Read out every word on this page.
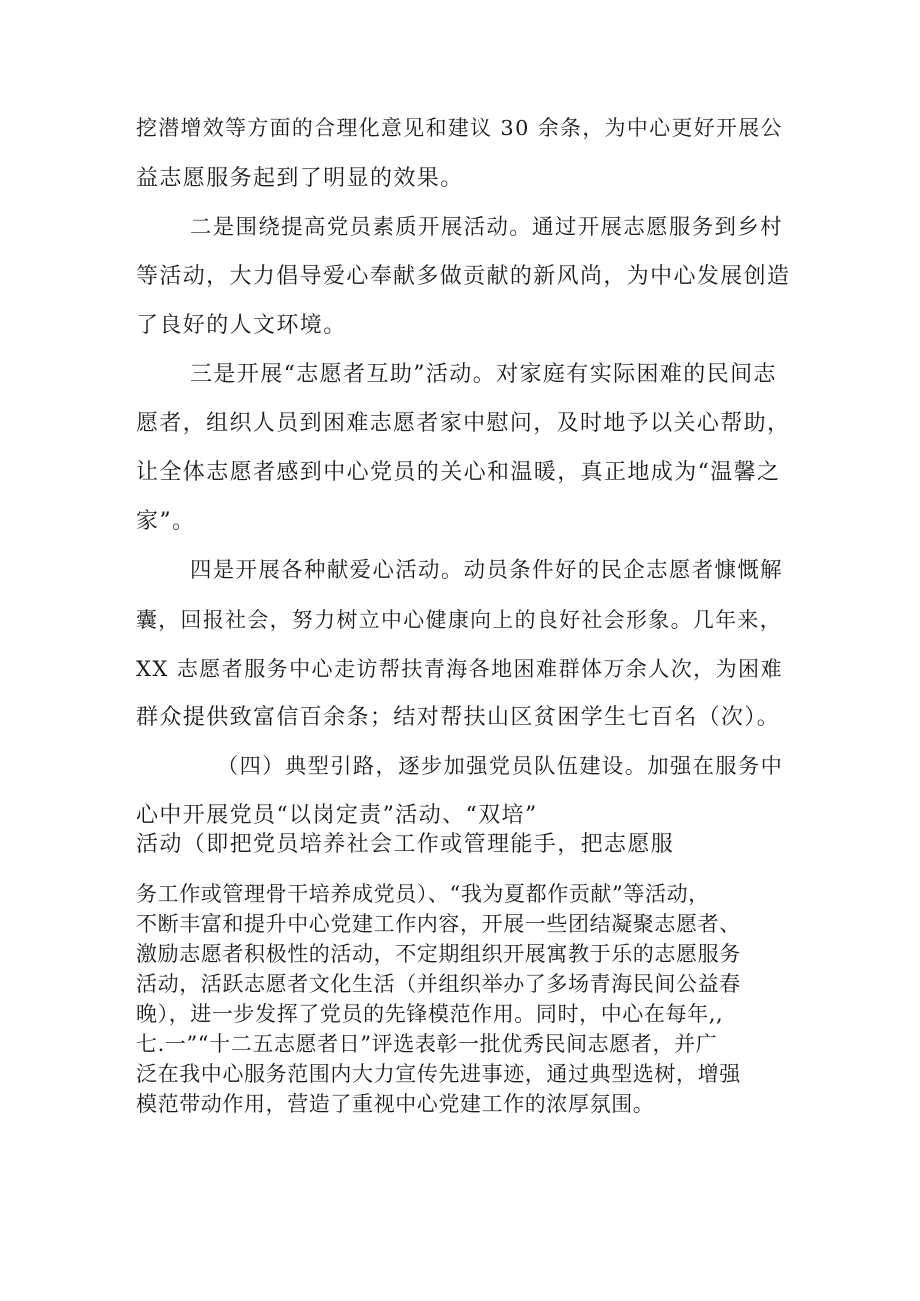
挖潜增效等方面的合理化意见和建议 30 余条，为中心更好开展公
益志愿服务起到了明显的效果。
二是围绕提高党员素质开展活动。通过开展志愿服务到乡村
等活动，大力倡导爱心奉献多做贡献的新风尚，为中心发展创造
了良好的人文环境。
三是开展“志愿者互助”活动。对家庭有实际困难的民间志
愿者，组织人员到困难志愿者家中慰问，及时地予以关心帮助，
让全体志愿者感到中心党员的关心和温暖，真正地成为“温馨之
家”。
四是开展各种献爱心活动。动员条件好的民企志愿者慷慨解
囊，回报社会，努力树立中心健康向上的良好社会形象。几年来，
XX 志愿者服务中心走访帮扶青海各地困难群体万余人次，为困难
群众提供致富信百余条；结对帮扶山区贫困学生七百名（次）。
（四）典型引路，逐步加强党员队伍建设。加强在服务中
心中开展党员“以岗定责”活动、“双培”
活动（即把党员培养社会工作或管理能手，把志愿服
务工作或管理骨干培养成党员）、“我为夏都作贡献”等活动，
不断丰富和提升中心党建工作内容，开展一些团结凝聚志愿者、
激励志愿者积极性的活动，不定期组织开展寓教于乐的志愿服务
活动，活跃志愿者文化生活（并组织举办了多场青海民间公益春
晚），进一步发挥了党员的先锋模范作用。同时，中心在每年,,
七.一”“十二五志愿者日”评选表彰一批优秀民间志愿者，并广
泛在我中心服务范围内大力宣传先进事迹，通过典型选树，增强
模范带动作用，营造了重视中心党建工作的浓厚氛围。
